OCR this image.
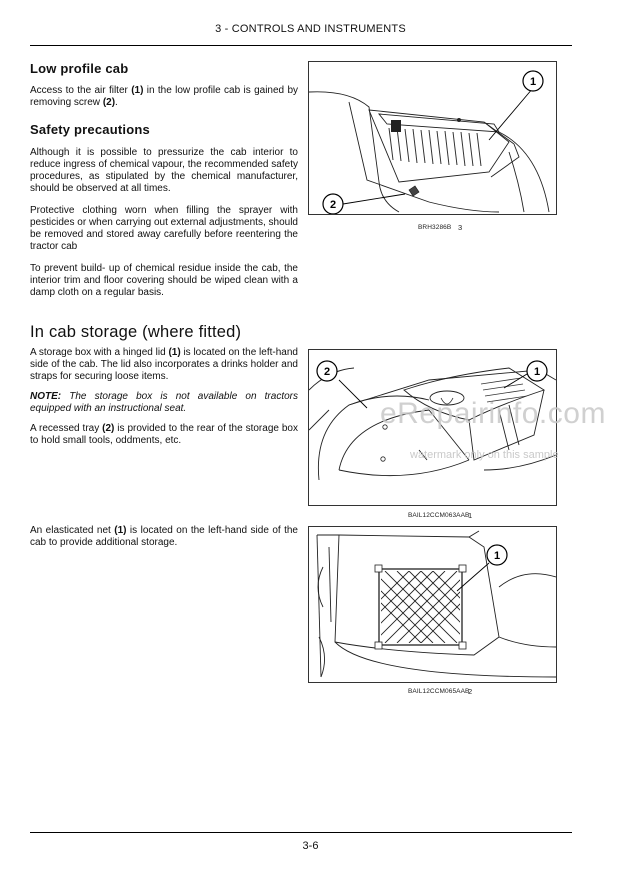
3 - CONTROLS AND INSTRUMENTS
Low profile cab

Access to the air filter (1) in the low profile cab is gained by removing screw (2).

Safety precautions

Although it is possible to pressurize the cab interior to reduce ingress of chemical vapour, the recommended safety procedures, as stipulated by the chemical manufacturer, should be observed at all times.

Protective clothing worn when filling the sprayer with pesticides or when carrying out external adjustments, should be removed and stored away carefully before reentering the tractor cab

To prevent build- up of chemical residue inside the cab, the interior trim and floor covering should be wiped clean with a damp cloth on a regular basis.

In cab storage (where fitted)

A storage box with a hinged lid (1) is located on the left-hand side of the cab. The lid also incorporates a drinks holder and straps for securing loose items.

NOTE: The storage box is not available on tractors equipped with an instructional seat.

A recessed tray (2) is provided to the rear of the storage box to hold small tools, oddments, etc.

An elasticated net (1) is located on the left-hand side of the cab to provide additional storage.

1
2
BRH3286B 3
2	1
BAIL12CCM063AAB
1
1
BAIL12CCM065AAB
2
eRepairinfo.com
watermark only on this sample
3-6
